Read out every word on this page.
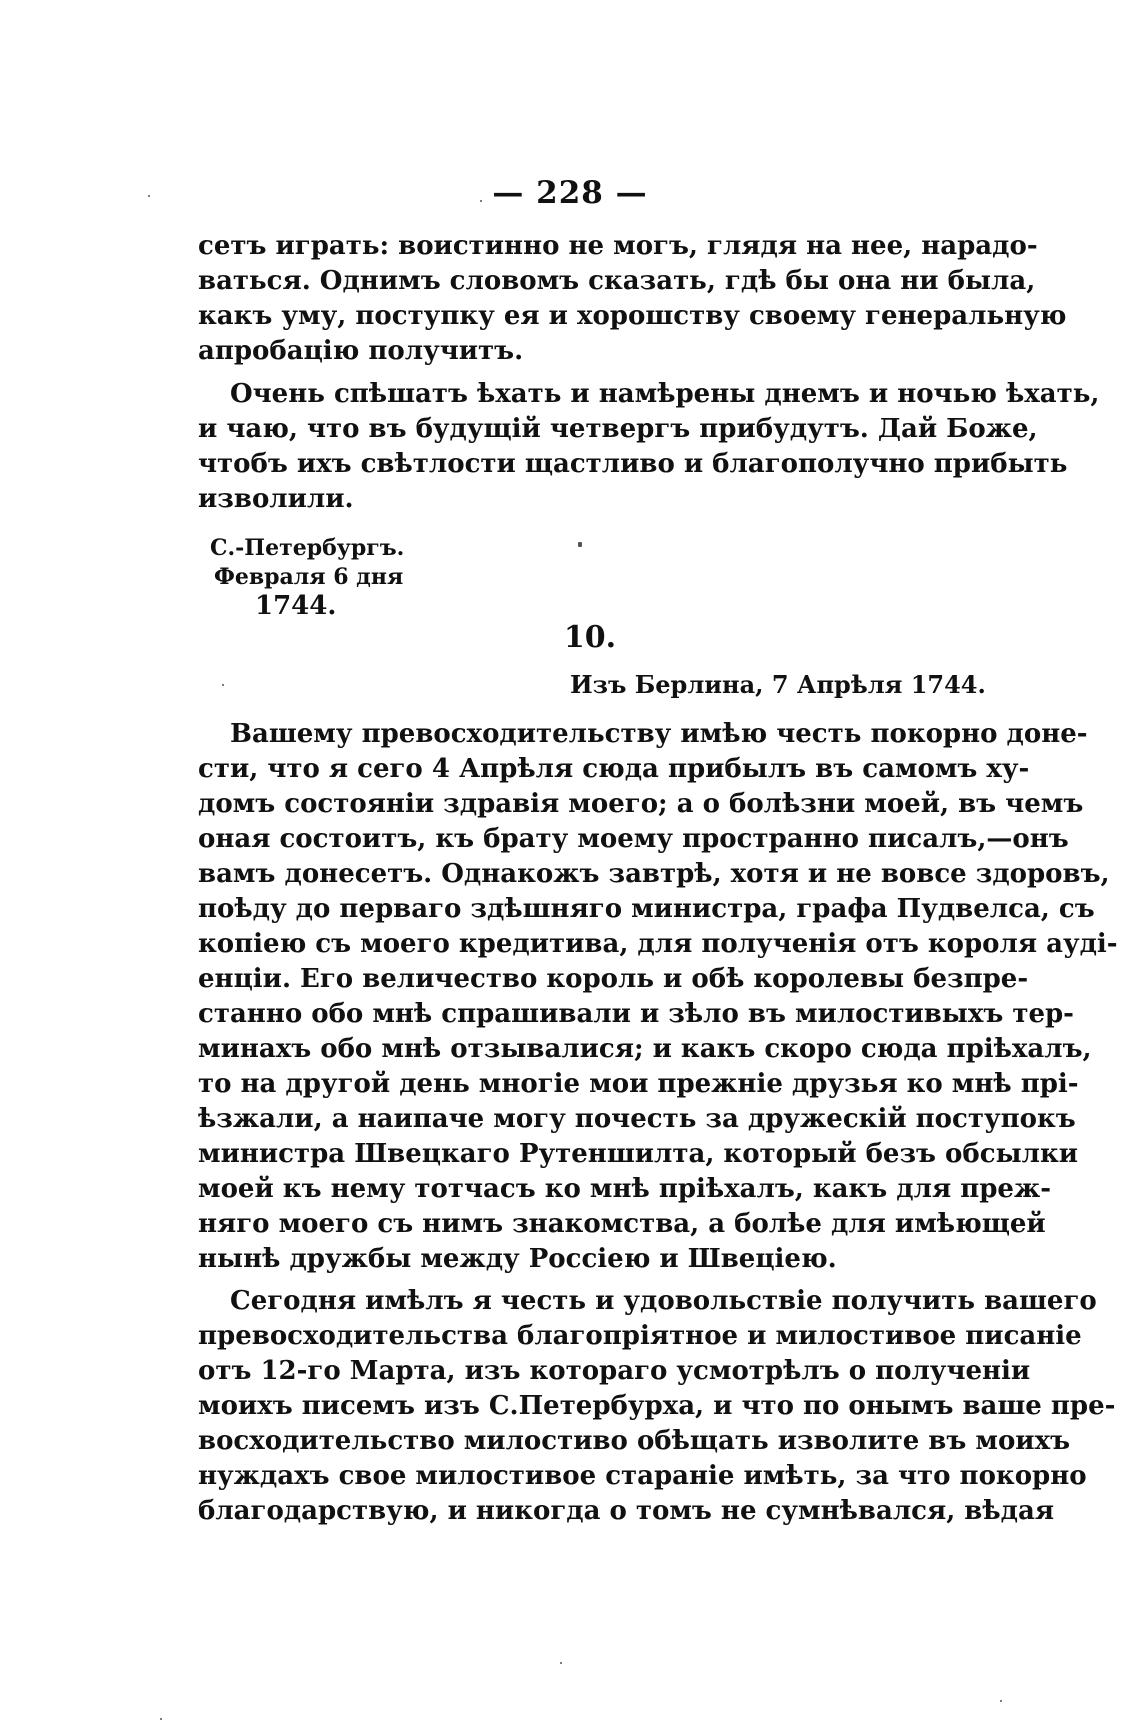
— 228 —
сетъ играть: воистинно не могъ, глядя на нее, нарадо-
ваться. Однимъ словомъ сказать, гдѣ бы она ни была,
какъ уму, поступку ея и хорошству своему генеральную
апробацію получитъ.
Очень спѣшатъ ѣхать и намѣрены днемъ и ночью ѣхать,
и чаю, что въ будущій четвергъ прибудутъ. Дай Боже,
чтобъ ихъ свѣтлости щастливо и благополучно прибыть
изволили.
С.-Петербургъ.
Февраля 6 дня
1744.
10.
Изъ Берлина, 7 Апрѣля 1744.
Вашему превосходительству имѣю честь покорно доне-
сти, что я сего 4 Апрѣля сюда прибылъ въ самомъ ху-
домъ состояніи здравія моего; а о болѣзни моей, въ чемъ
оная состоитъ, къ брату моему пространно писалъ,—онъ
вамъ донесетъ. Однакожъ завтрѣ, хотя и не вовсе здоровъ,
поѣду до перваго здѣшняго министра, графа Пудвелса, съ
копіею съ моего кредитива, для полученія отъ короля ауді-
енціи. Его величество король и обѣ королевы безпре-
станно обо мнѣ спрашивали и зѣло въ милостивыхъ тер-
минахъ обо мнѣ отзывалися; и какъ скоро сюда пріѣхалъ,
то на другой день многіе мои прежніе друзья ко мнѣ прі-
ѣзжали, а наипаче могу почесть за дружескій поступокъ
министра Швецкаго Рутеншилта, который безъ обсылки
моей къ нему тотчасъ ко мнѣ пріѣхалъ, какъ для преж-
няго моего съ нимъ знакомства, а болѣе для имѣющей
нынѣ дружбы между Россіею и Швеціею.
Сегодня имѣлъ я честь и удовольствіе получить вашего
превосходительства благопріятное и милостивое писаніе
отъ 12-го Марта, изъ котораго усмотрѣлъ о полученіи
моихъ писемъ изъ С.Петербурха, и что по онымъ ваше пре-
восходительство милостиво обѣщать изволите въ моихъ
нуждахъ свое милостивое стараніе имѣть, за что покорно
благодарствую, и никогда о томъ не сумнѣвался, вѣдая
